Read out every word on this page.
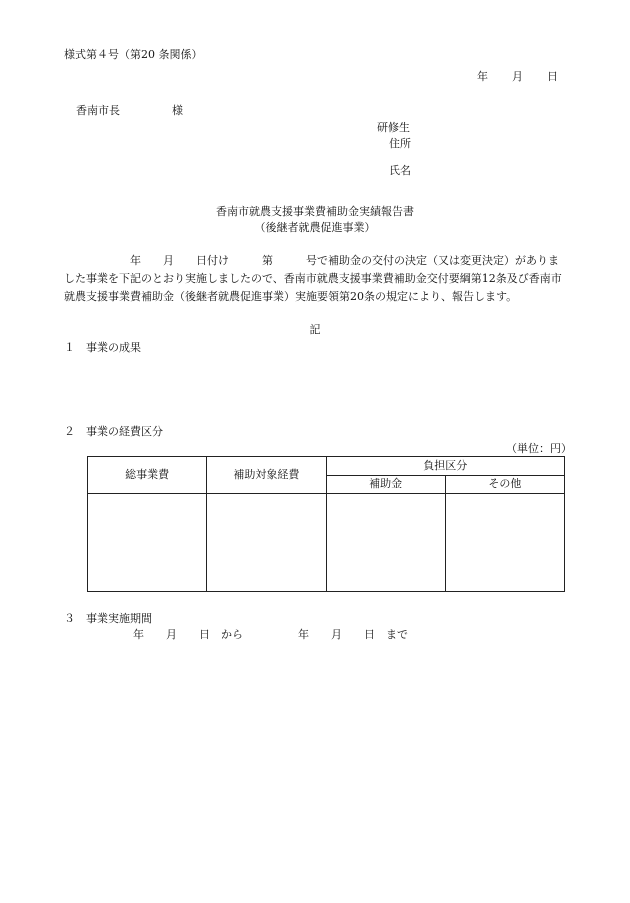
様式第４号（第20 条関係）
年 月 日
香南市長	様
研修生
住所
氏名
香南市就農支援事業費補助金実績報告書
（後継者就農促進事業）

年　　月　　日付け　　　第　　　号で補助金の交付の決定（又は変更決定）がありま

した事業を下記のとおり実施しましたので、香南市就農支援事業費補助金交付要綱第12条及び香南市

就農支援事業費補助金（後継者就農促進事業）実施要領第20条の規定により、報告します。

記
１ 事業の成果
２ 事業の経費区分
（単位：円）
総事業費	補助対象経費	負担区分	
		補助金	その他

３ 事業実施期間
年　　月　　日　から　　　　　年　　月　　日　まで
